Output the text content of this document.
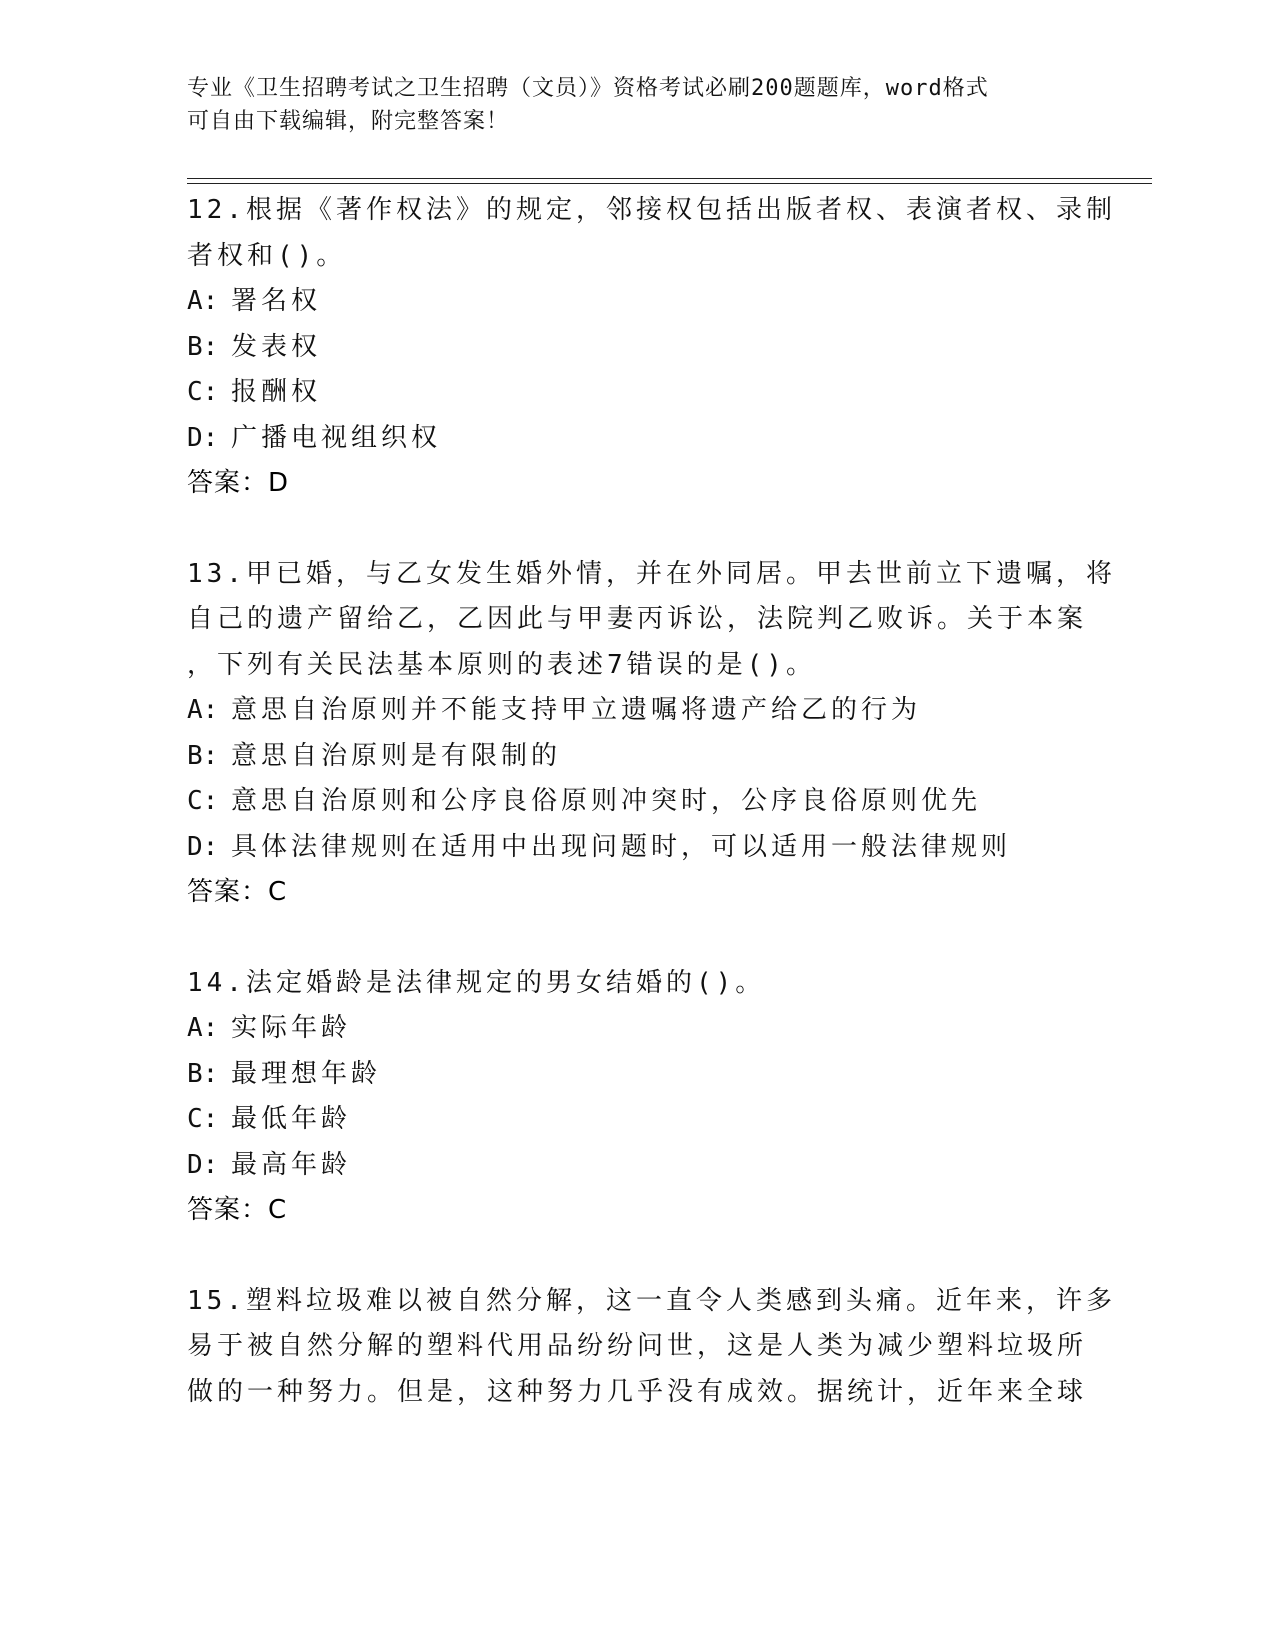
专业《卫生招聘考试之卫生招聘（文员）》资格考试必刷200题题库，word格式
可自由下载编辑，附完整答案！
12.根据《著作权法》的规定，邻接权包括出版者权、表演者权、录制
者权和()。
A: 署名权
B: 发表权
C: 报酬权
D: 广播电视组织权
答案：D
13.甲已婚，与乙女发生婚外情，并在外同居。甲去世前立下遗嘱，将
自己的遗产留给乙，乙因此与甲妻丙诉讼，法院判乙败诉。关于本案
，下列有关民法基本原则的表述7错误的是()。
A: 意思自治原则并不能支持甲立遗嘱将遗产给乙的行为
B: 意思自治原则是有限制的
C: 意思自治原则和公序良俗原则冲突时，公序良俗原则优先
D: 具体法律规则在适用中出现问题时，可以适用一般法律规则
答案：C
14.法定婚龄是法律规定的男女结婚的()。
A: 实际年龄
B: 最理想年龄
C: 最低年龄
D: 最高年龄
答案：C
15.塑料垃圾难以被自然分解，这一直令人类感到头痛。近年来，许多
易于被自然分解的塑料代用品纷纷问世，这是人类为减少塑料垃圾所
做的一种努力。但是，这种努力几乎没有成效。据统计，近年来全球
